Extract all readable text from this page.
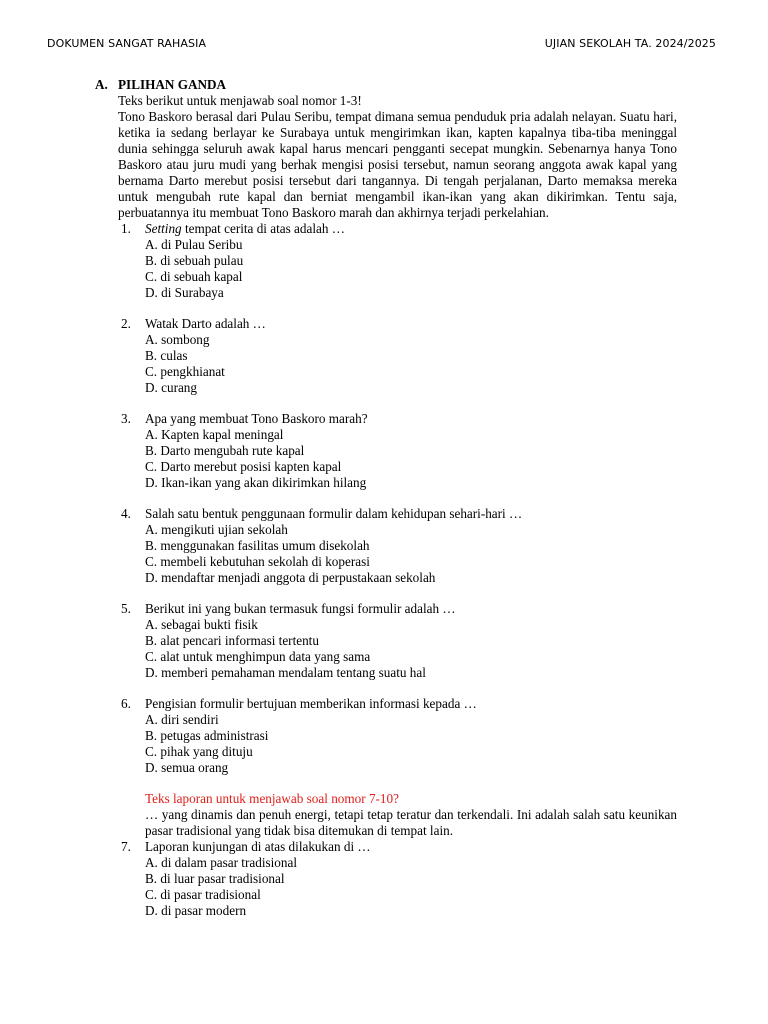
DOKUMEN SANGAT RAHASIA	UJIAN SEKOLAH TA. 2024/2025
A. PILIHAN GANDA
Teks berikut untuk menjawab soal nomor 1-3!
Tono Baskoro berasal dari Pulau Seribu, tempat dimana semua penduduk pria adalah nelayan. Suatu hari, ketika ia sedang berlayar ke Surabaya untuk mengirimkan ikan, kapten kapalnya tiba-tiba meninggal dunia sehingga seluruh awak kapal harus mencari pengganti secepat mungkin. Sebenarnya hanya Tono Baskoro atau juru mudi yang berhak mengisi posisi tersebut, namun seorang anggota awak kapal yang bernama Darto merebut posisi tersebut dari tangannya. Di tengah perjalanan, Darto memaksa mereka untuk mengubah rute kapal dan berniat mengambil ikan-ikan yang akan dikirimkan. Tentu saja, perbuatannya itu membuat Tono Baskoro marah dan akhirnya terjadi perkelahian.
1. Setting tempat cerita di atas adalah …
A. di Pulau Seribu
B. di sebuah pulau
C. di sebuah kapal
D. di Surabaya
2. Watak Darto adalah …
A. sombong
B. culas
C. pengkhianat
D. curang
3. Apa yang membuat Tono Baskoro marah?
A. Kapten kapal meningal
B. Darto mengubah rute kapal
C. Darto merebut posisi kapten kapal
D. Ikan-ikan yang akan dikirimkan hilang
4. Salah satu bentuk penggunaan formulir dalam kehidupan sehari-hari …
A. mengikuti ujian sekolah
B. menggunakan fasilitas umum disekolah
C. membeli kebutuhan sekolah di koperasi
D. mendaftar menjadi anggota di perpustakaan sekolah
5. Berikut ini yang bukan termasuk fungsi formulir adalah …
A. sebagai bukti fisik
B. alat pencari informasi tertentu
C. alat untuk menghimpun data yang sama
D. memberi pemahaman mendalam tentang suatu hal
6. Pengisian formulir bertujuan memberikan informasi kepada …
A. diri sendiri
B. petugas administrasi
C. pihak yang dituju
D. semua orang
Teks laporan untuk menjawab soal nomor 7-10?
… yang dinamis dan penuh energi, tetapi tetap teratur dan terkendali. Ini adalah salah satu keunikan pasar tradisional yang tidak bisa ditemukan di tempat lain.
7. Laporan kunjungan di atas dilakukan di …
A. di dalam pasar tradisional
B. di luar pasar tradisional
C. di pasar tradisional
D. di pasar modern
